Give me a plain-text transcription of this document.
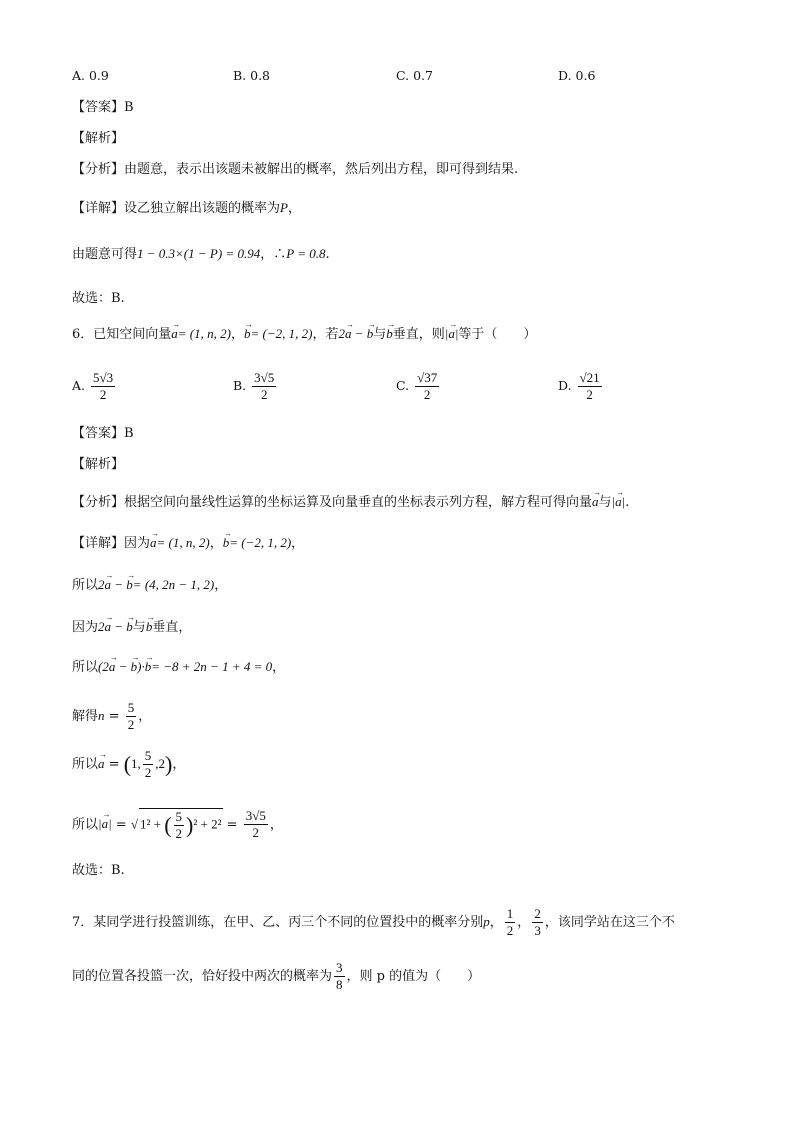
A. 0.9	B. 0.8	C. 0.7	D. 0.6
【答案】B
【解析】
【分析】由题意，表示出该题未被解出的概率，然后列出方程，即可得到结果.
【详解】设乙独立解出该题的概率为P，
由题意可得1 − 0.3×(1 − P) = 0.94，∴P = 0.8.
故选：B.
6．已知空间向量a
→
= (1, n, 2)，b
→
= (−2, 1, 2)，若2a
→
− b
→
与b
→
垂直，则|a
→
|等于（　　）
A. $\frac{5√3}{2}$	B. $\frac{3√5}{2}$	C. $\frac{√37}{2}$	D. $\frac{√21}{2}$
【答案】B
【解析】
【分析】根据空间向量线性运算的坐标运算及向量垂直的坐标表示列方程，解方程可得向量a
→
与|a
→
|.
【详解】因为a
→
= (1, n, 2)，b
→
= (−2, 1, 2)，
所以2a
→
− b
→
= (4, 2n − 1, 2)，
因为2a
→
− b
→
与b
→
垂直，
所以(2a
→
− b
→
)·b
→
= −8 + 2n − 1 + 4 = 0，
解得$n = \frac{5}{2}$ ，
所以a
→
= (1, $\frac{5}{2} ,2$)，
所以|a
→
| = √ 1² + ( $\frac{5}{2} )^2 + 2^2 = \frac{3√5}{2}$ ，
故选：B.
7．某同学进行投篮训练，在甲、乙、丙三个不同的位置投中的概率分别p， $\frac{1}{2}$ ， $\frac{2}{3}$ ，该同学站在这三个不
同的位置各投篮一次，恰好投中两次的概率为 $\frac{3}{8}$ ，则 p 的值为（　　）
